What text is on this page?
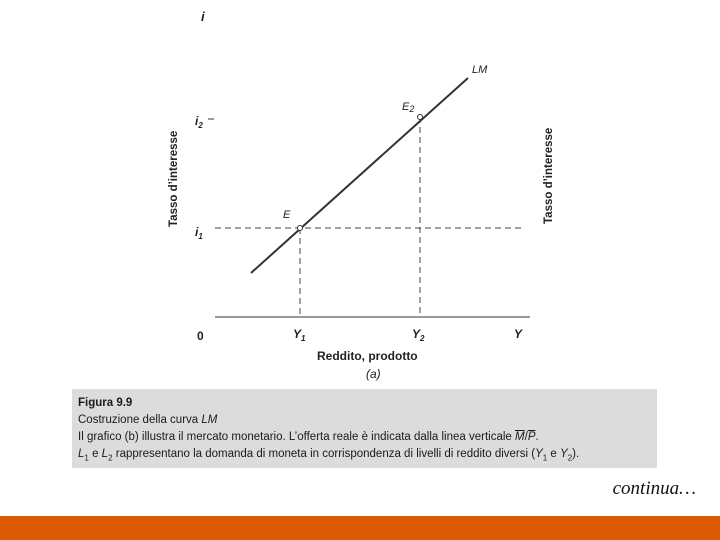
i
Tasso d’interesse	Tasso d’interesse
$i_2$
$i_1$
LM
E
E2
0	$Y_1$	$Y_2$	Y
Reddito, prodotto
(a)
Figura 9.9
Costruzione della curva LM
Il grafico (b) illustra il mercato monetario. L’offerta reale è indicata dalla linea verticale $\overline{M}/\overline{P}$.
$L_1$ e $L_2$ rappresentano la domanda di moneta in corrispondenza di livelli di reddito diversi ($Y_1$ e $Y_2$).
continua…
